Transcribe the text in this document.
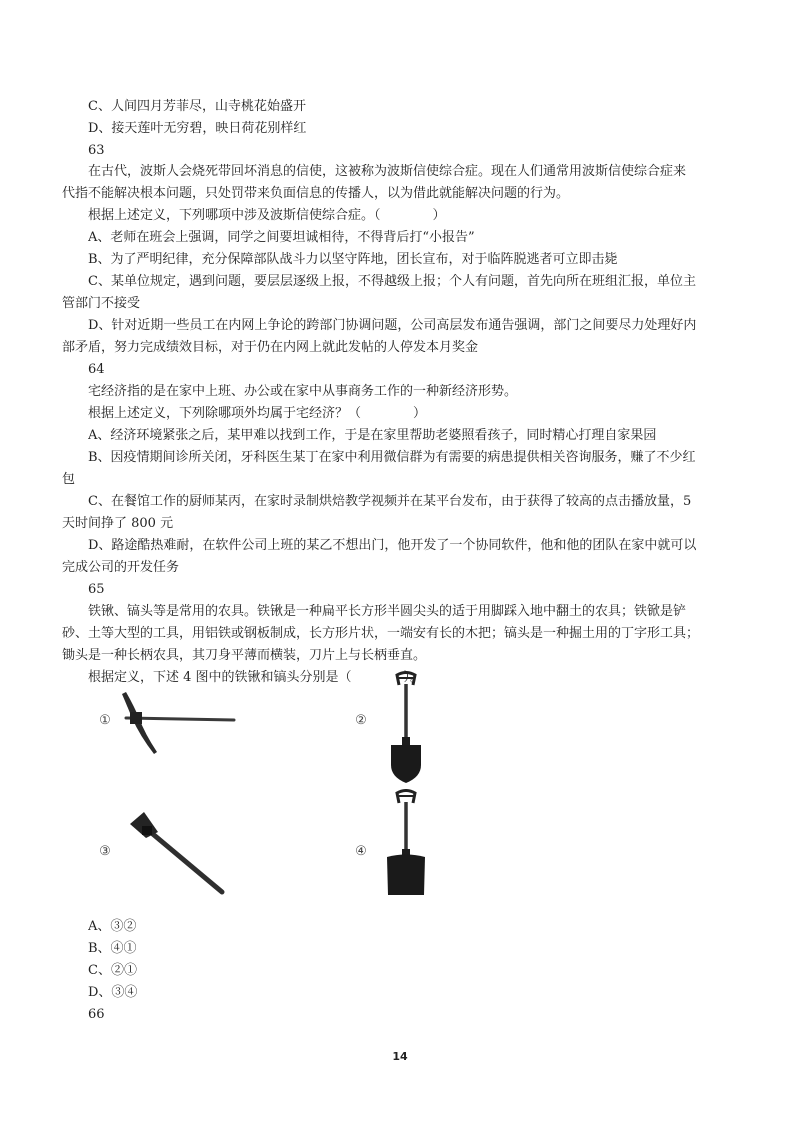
C、人间四月芳菲尽，山寺桃花始盛开
D、接天莲叶无穷碧，映日荷花别样红
63
在古代，波斯人会烧死带回坏消息的信使，这被称为波斯信使综合症。现在人们通常用波斯信使综合症来
代指不能解决根本问题，只处罚带来负面信息的传播人，以为借此就能解决问题的行为。
根据上述定义，下列哪项中涉及波斯信使综合症。（　　　　）
A、老师在班会上强调，同学之间要坦诚相待，不得背后打“小报告”
B、为了严明纪律，充分保障部队战斗力以坚守阵地，团长宣布，对于临阵脱逃者可立即击毙
C、某单位规定，遇到问题，要层层逐级上报，不得越级上报；个人有问题，首先向所在班组汇报，单位主
管部门不接受
D、针对近期一些员工在内网上争论的跨部门协调问题，公司高层发布通告强调，部门之间要尽力处理好内
部矛盾，努力完成绩效目标，对于仍在内网上就此发帖的人停发本月奖金
64
宅经济指的是在家中上班、办公或在家中从事商务工作的一种新经济形势。
根据上述定义，下列除哪项外均属于宅经济？（　　　　）
A、经济环境紧张之后，某甲难以找到工作，于是在家里帮助老婆照看孩子，同时精心打理自家果园
B、因疫情期间诊所关闭，牙科医生某丁在家中利用微信群为有需要的病患提供相关咨询服务，赚了不少红
包
C、在餐馆工作的厨师某丙，在家时录制烘焙教学视频并在某平台发布，由于获得了较高的点击播放量，5
天时间挣了 800 元
D、路途酷热难耐，在软件公司上班的某乙不想出门，他开发了一个协同软件，他和他的团队在家中就可以
完成公司的开发任务
65
铁锹、镐头等是常用的农具。铁锹是一种扁平长方形半圆尖头的适于用脚踩入地中翻土的农具；铁锨是铲
砂、土等大型的工具，用铝铁或钢板制成，长方形片状，一端安有长的木把；镐头是一种掘土用的丁字形工具；
锄头是一种长柄农具，其刀身平薄而横装，刀片上与长柄垂直。
根据定义，下述 4 图中的铁锹和镐头分别是（　　　　）。
①	②
③	④
A、③②
B、④①
C、②①
D、③④
66
14
